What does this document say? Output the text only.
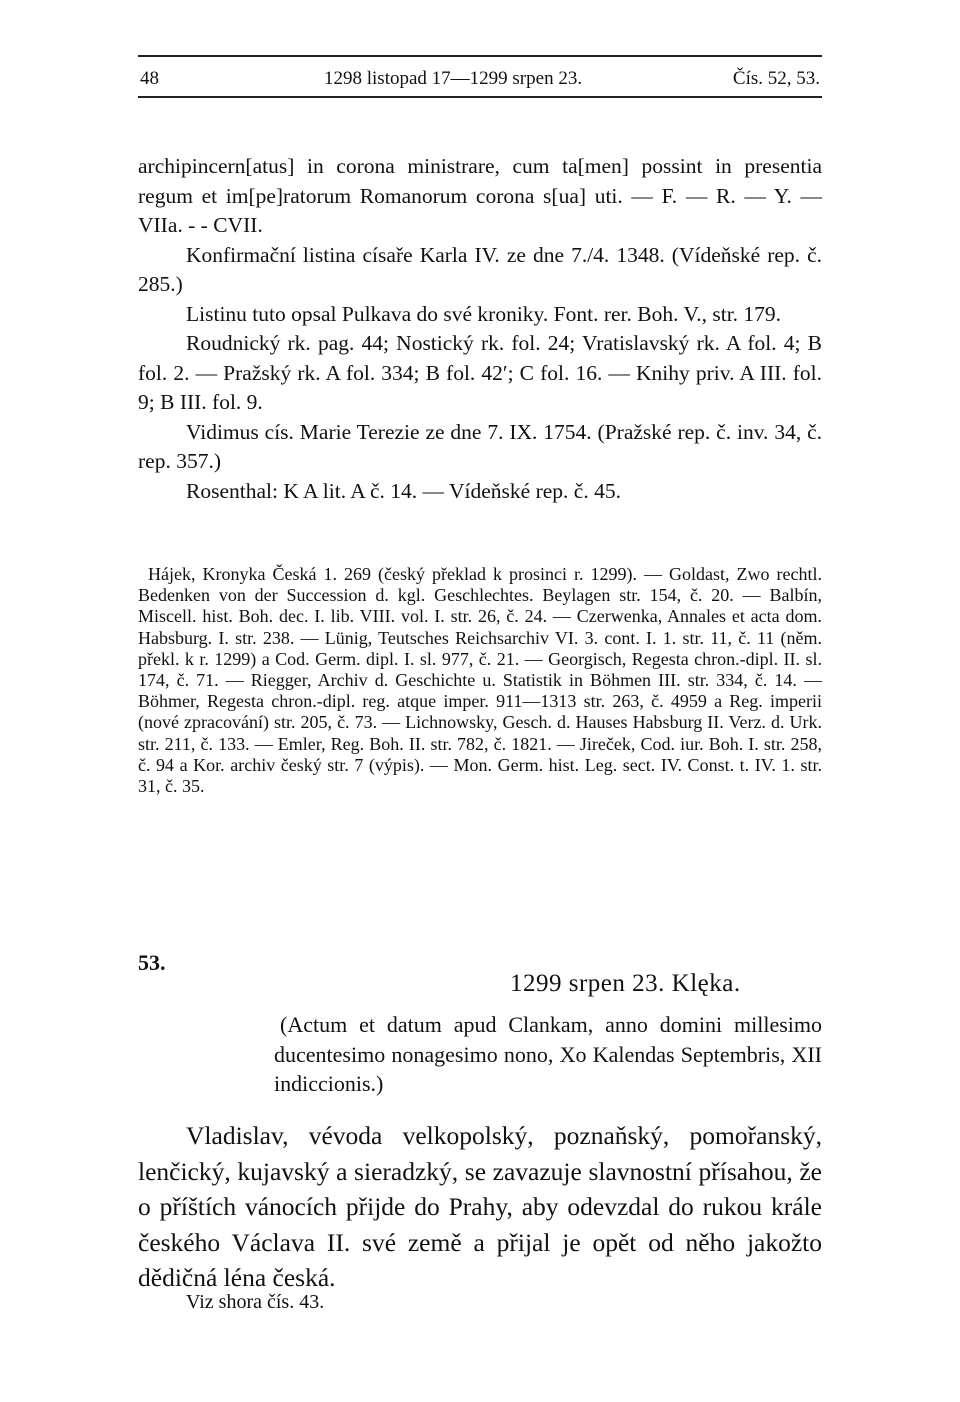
48	1298 listopad 17—1299 srpen 23.	Čís. 52, 53.

archipincern[atus] in corona ministrare, cum ta[men] possint in presentia regum et im[pe]ratorum Romanorum corona s[ua] uti. — F. — R. — Y. — VIIa. - - CVII.

Konfirmační listina císaře Karla IV. ze dne 7./4. 1348. (Vídeňské rep. č. 285.)

Listinu tuto opsal Pulkava do své kroniky. Font. rer. Boh. V., str. 179.

Roudnický rk. pag. 44; Nostický rk. fol. 24; Vratislavský rk. A fol. 4; B fol. 2. — Pražský rk. A fol. 334; B fol. 42′; C fol. 16. — Knihy priv. A III. fol. 9; B III. fol. 9.

Vidimus cís. Marie Terezie ze dne 7. IX. 1754. (Pražské rep. č. inv. 34, č. rep. 357.)

Rosenthal: K A lit. A č. 14. — Vídeňské rep. č. 45.

Hájek, Kronyka Česká 1. 269 (český překlad k prosinci r. 1299). — Goldast, Zwo rechtl. Bedenken von der Succession d. kgl. Geschlechtes. Beylagen str. 154, č. 20. — Balbín, Miscell. hist. Boh. dec. I. lib. VIII. vol. I. str. 26, č. 24. — Czerwenka, Annales et acta dom. Habsburg. I. str. 238. — Lünig, Teutsches Reichsarchiv VI. 3. cont. I. 1. str. 11, č. 11 (něm. překl. k r. 1299) a Cod. Germ. dipl. I. sl. 977, č. 21. — Georgisch, Regesta chron.-dipl. II. sl. 174, č. 71. — Riegger, Archiv d. Geschichte u. Statistik in Böhmen III. str. 334, č. 14. — Böhmer, Regesta chron.-dipl. reg. atque imper. 911—1313 str. 263, č. 4959 a Reg. imperii (nové zpracování) str. 205, č. 73. — Lichnowsky, Gesch. d. Hauses Habsburg II. Verz. d. Urk. str. 211, č. 133. — Emler, Reg. Boh. II. str. 782, č. 1821. — Jireček, Cod. iur. Boh. I. str. 258, č. 94 a Kor. archiv český str. 7 (výpis). — Mon. Germ. hist. Leg. sect. IV. Const. t. IV. 1. str. 31, č. 35.

53.
1299 srpen 23. Klęka.

(Actum et datum apud Clankam, anno domini millesimo ducentesimo nonagesimo nono, Xo Kalendas Septembris, XII indiccionis.)

Vladislav, vévoda velkopolský, poznaňský, pomořanský, lenčický, kujavský a sieradzký, se zavazuje slavnostní přísahou, že o příštích vánocích přijde do Prahy, aby odevzdal do rukou krále českého Václava II. své země a přijal je opět od něho jakožto dědičná léna česká.

Viz shora čís. 43.
